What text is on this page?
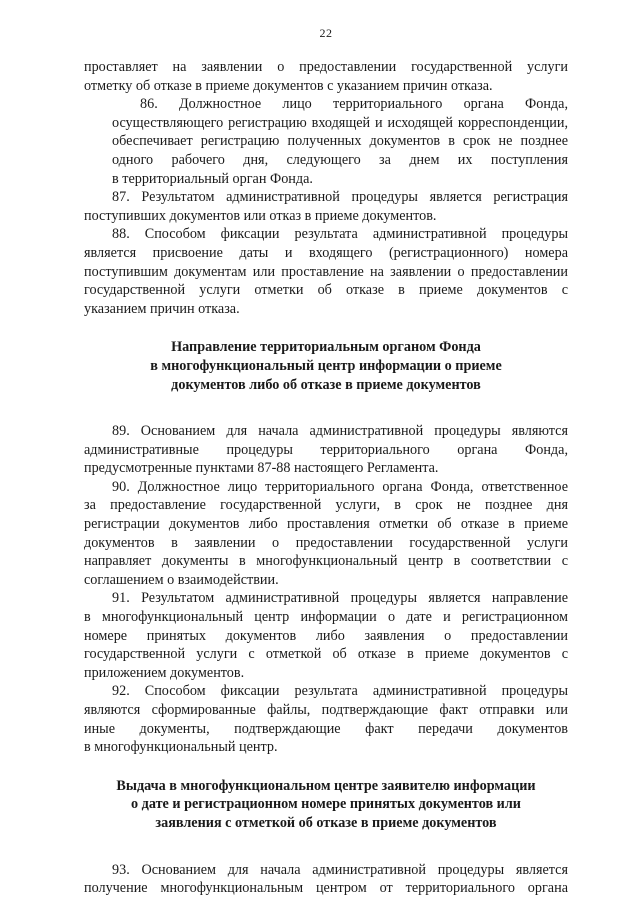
22
проставляет на заявлении о предоставлении государственной услуги
отметку об отказе в приеме документов с указанием причин отказа.
86. Должностное лицо территориального органа Фонда,
осуществляющего регистрацию входящей и исходящей корреспонденции,
обеспечивает регистрацию полученных документов в срок не позднее
одного рабочего дня, следующего за днем их поступления
в территориальный орган Фонда.
87. Результатом административной процедуры является регистрация
поступивших документов или отказ в приеме документов.
88. Способом фиксации результата административной процедуры
является присвоение даты и входящего (регистрационного) номера
поступившим документам или проставление на заявлении о предоставлении
государственной услуги отметки об отказе в приеме документов с
указанием причин отказа.
Направление территориальным органом Фонда
в многофункциональный центр информации о приеме
документов либо об отказе в приеме документов
89. Основанием для начала административной процедуры являются
административные процедуры территориального органа Фонда,
предусмотренные пунктами 87-88 настоящего Регламента.
90. Должностное лицо территориального органа Фонда, ответственное
за предоставление государственной услуги, в срок не позднее дня
регистрации документов либо проставления отметки об отказе в приеме
документов в заявлении о предоставлении государственной услуги
направляет документы в многофункциональный центр в соответствии с
соглашением о взаимодействии.
91. Результатом административной процедуры является направление
в многофункциональный центр информации о дате и регистрационном
номере принятых документов либо заявления о предоставлении
государственной услуги с отметкой об отказе в приеме документов с
приложением документов.
92. Способом фиксации результата административной процедуры
являются сформированные файлы, подтверждающие факт отправки или
иные документы, подтверждающие факт передачи документов
в многофункциональный центр.
Выдача в многофункциональном центре заявителю информации
о дате и регистрационном номере принятых документов или
заявления с отметкой об отказе в приеме документов
93. Основанием для начала административной процедуры является
получение многофункциональным центром от территориального органа
